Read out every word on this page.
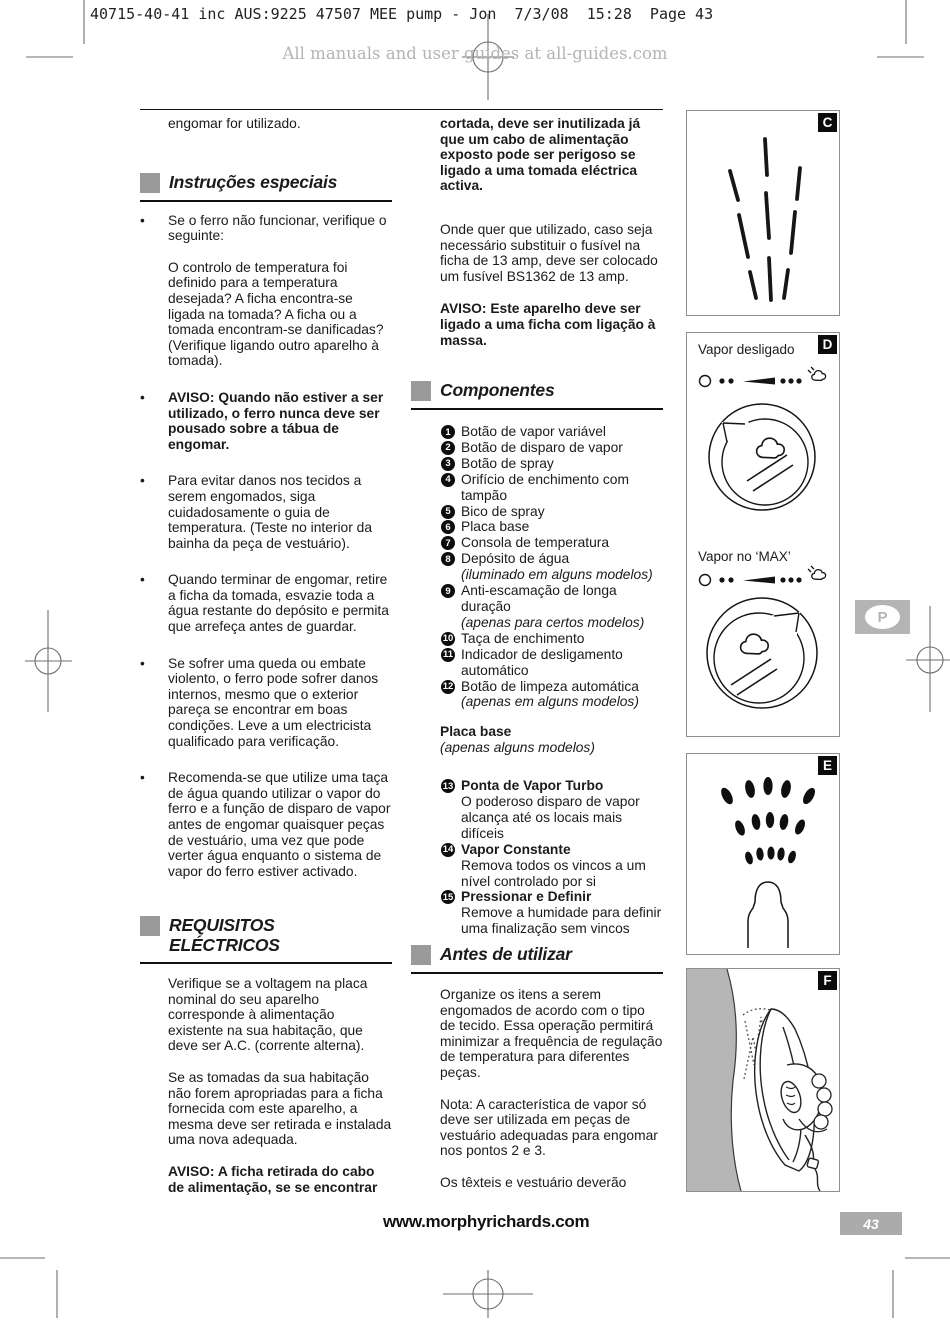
40715-40-41 inc AUS:9225 47507 MEE pump - Jon  7/3/08  15:28  Page 43
All manuals and user guides at all-guides.com

engomar for utilizado.

Instruções especiais
•	Se o ferro não funcionar, verifique o seguinte:

O controlo de temperatura foi definido para a temperatura desejada? A ficha encontra-se ligada na tomada? A ficha ou a tomada encontram-se danificadas? (Verifique ligando outro aparelho à tomada).

•	AVISO: Quando não estiver a ser utilizado, o ferro nunca deve ser pousado sobre a tábua de engomar.

•	Para evitar danos nos tecidos a serem engomados, siga cuidadosamente o guia de temperatura. (Teste no interior da bainha da peça de vestuário).

•	Quando terminar de engomar, retire a ficha da tomada, esvazie toda a água restante do depósito e permita que arrefeça antes de guardar.

•	Se sofrer uma queda ou embate violento, o ferro pode sofrer danos internos, mesmo que o exterior pareça se encontrar em boas condições. Leve a um electricista qualificado para verificação.

•	Recomenda-se que utilize uma taça de água quando utilizar o vapor do ferro e a função de disparo de vapor antes de engomar quaisquer peças de vestuário, uma vez que pode verter água enquanto o sistema de vapor do ferro estiver activado.

REQUISITOS
ELÉCTRICOS

Verifique se a voltagem na placa nominal do seu aparelho corresponde à alimentação existente na sua habitação, que deve ser A.C. (corrente alterna).

Se as tomadas da sua habitação não forem apropriadas para a ficha fornecida com este aparelho, a mesma deve ser retirada e instalada uma nova adequada.

AVISO: A ficha retirada do cabo de alimentação, se se encontrar

cortada, deve ser inutilizada já que um cabo de alimentação exposto pode ser perigoso se ligado a uma tomada eléctrica activa.

Onde quer que utilizado, caso seja necessário substituir o fusível na ficha de 13 amp, deve ser colocado um fusível BS1362 de 13 amp.

AVISO: Este aparelho deve ser ligado a uma ficha com ligação à massa.

Componentes
1 Botão de vapor variável
2 Botão de disparo de vapor
3 Botão de spray
4 Orifício de enchimento com tampão
5 Bico de spray
6 Placa base
7 Consola de temperatura
8 Depósito de água
(iluminado em alguns modelos)
9 Anti-escamação de longa duração
(apenas para certos modelos)
10 Taça de enchimento
11 Indicador de desligamento automático
12 Botão de limpeza automática
(apenas em alguns modelos)
Placa base
(apenas alguns modelos)
13 Ponta de Vapor Turbo
O poderoso disparo de vapor alcança até os locais mais difíceis
14 Vapor Constante
Remova todos os vincos a um nível controlado por si
15 Pressionar e Definir
Remove a humidade para definir uma finalização sem vincos
Antes de utilizar

Organize os itens a serem engomados de acordo com o tipo de tecido. Essa operação permitirá minimizar a frequência de regulação de temperatura para diferentes peças.

Nota: A característica de vapor só deve ser utilizada em peças de vestuário adequadas para engomar nos pontos 2 e 3.

Os têxteis e vestuário deverão

C
D
Vapor desligado
Vapor no ‘MAX’
P
E
F
www.morphyrichards.com	43
